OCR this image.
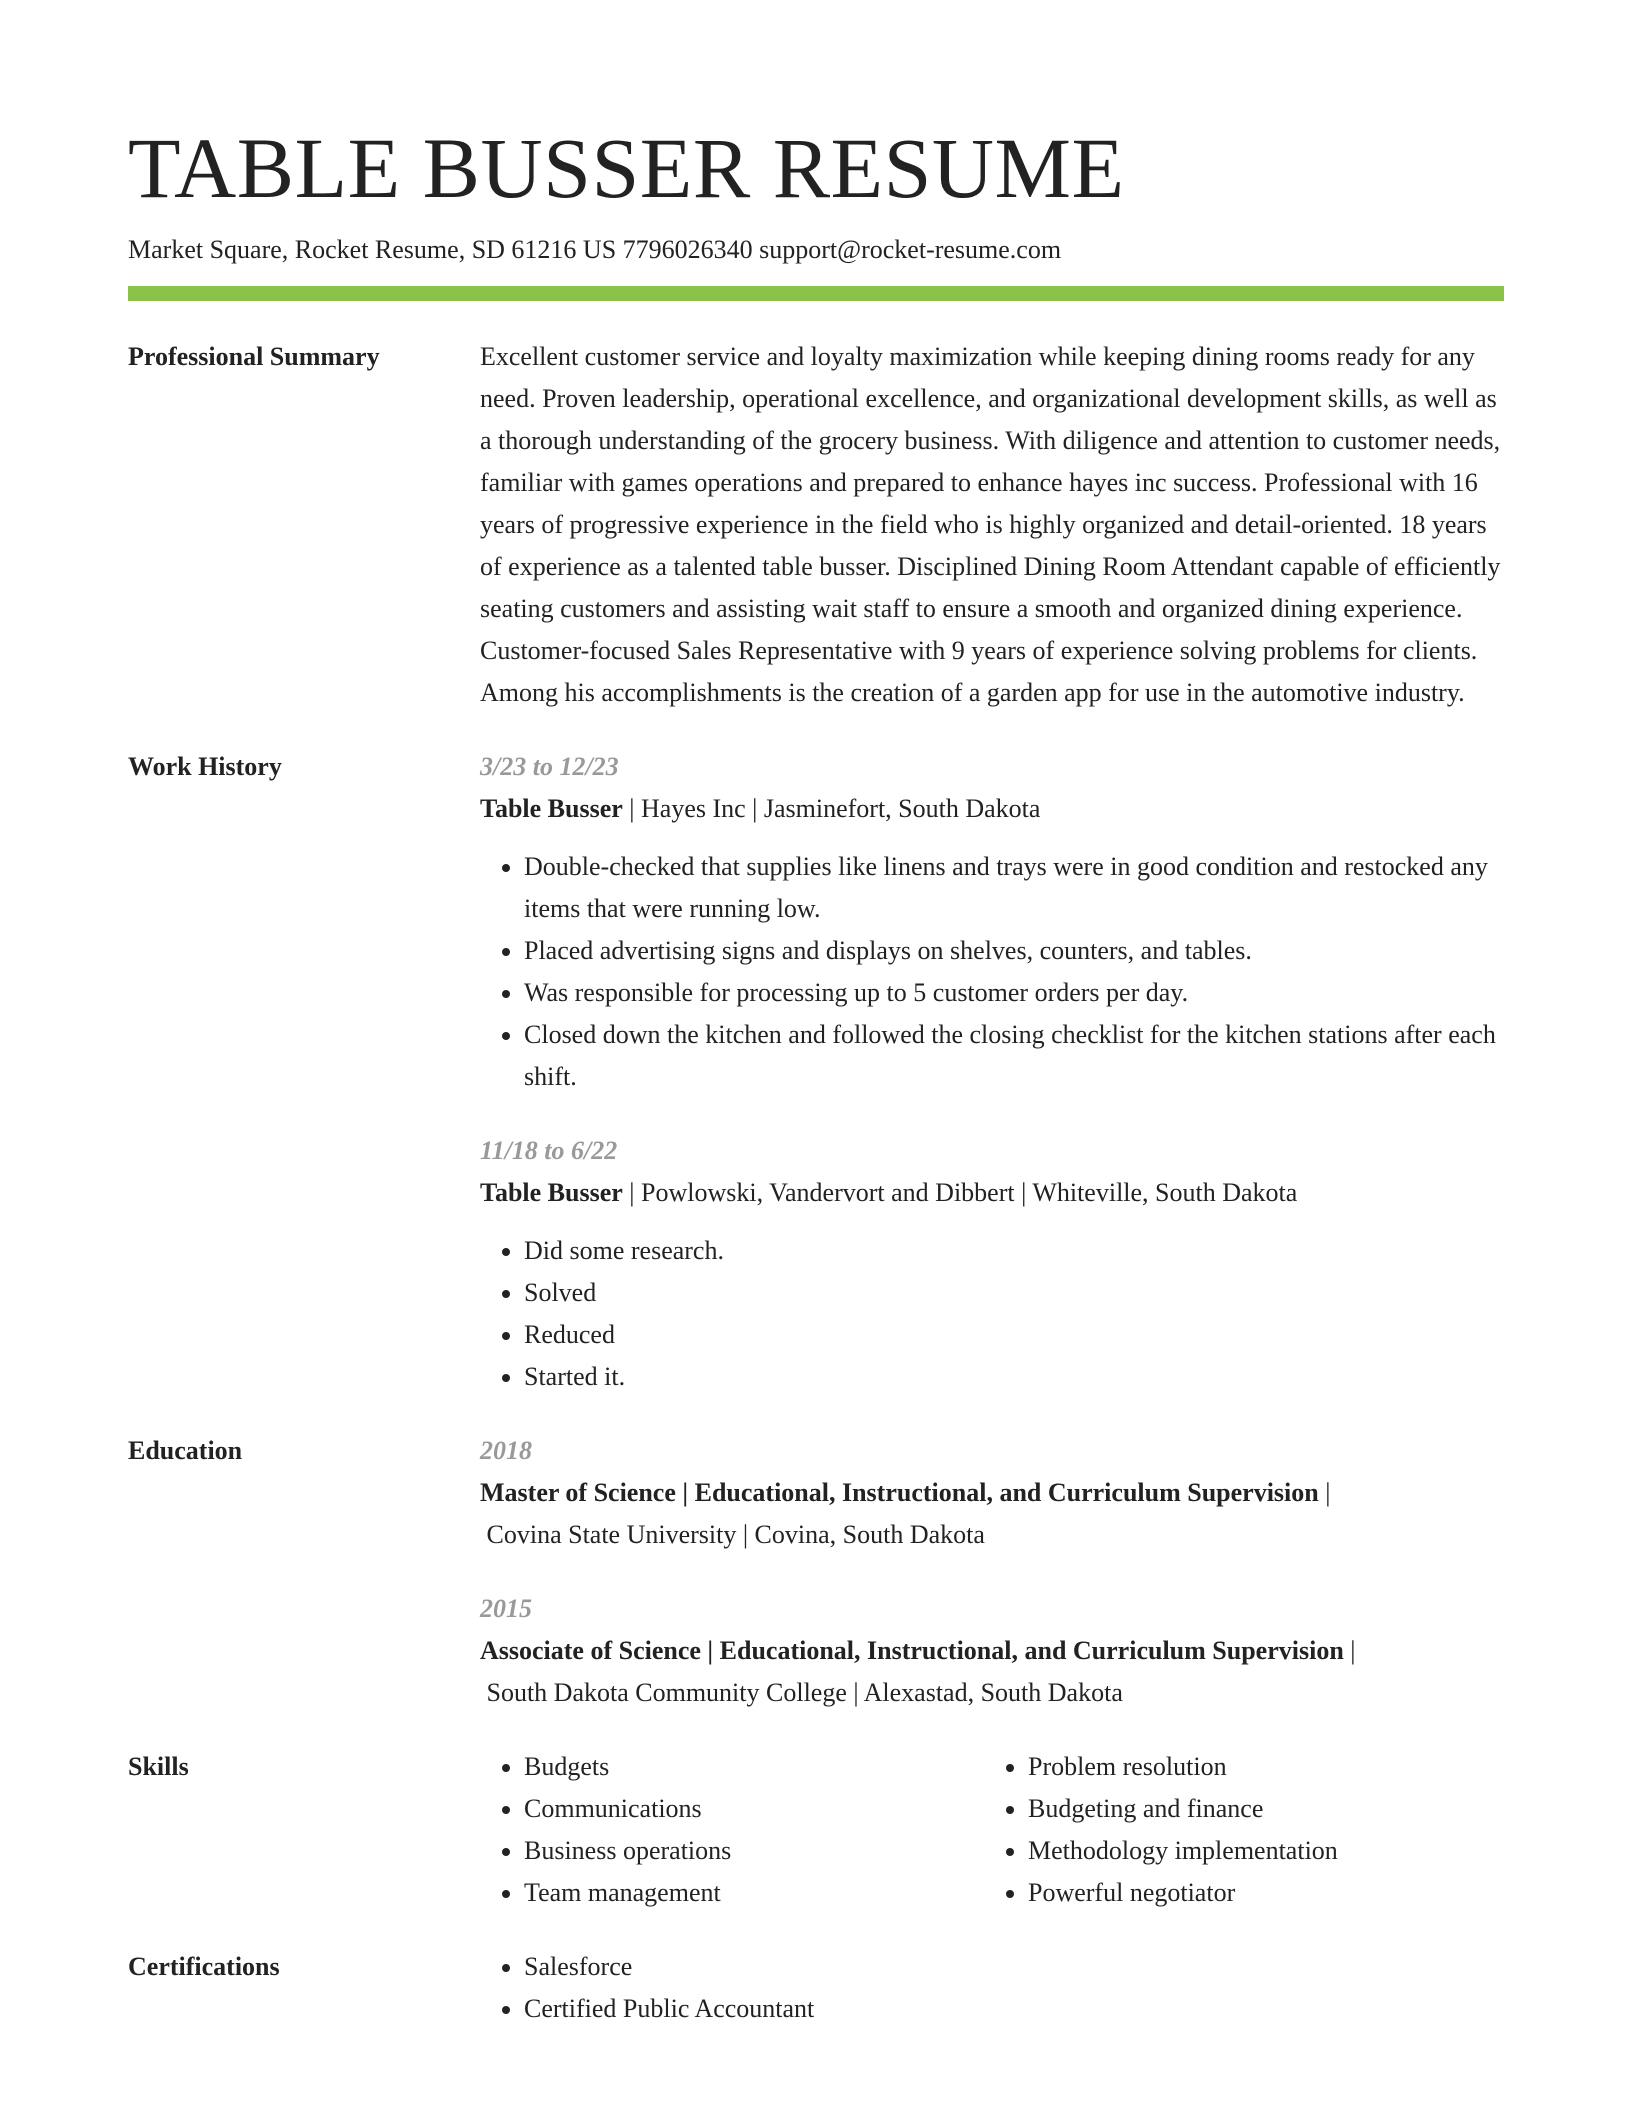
TABLE BUSSER RESUME
Market Square, Rocket Resume, SD 61216 US 7796026340 support@rocket-resume.com
Professional Summary	Excellent customer service and loyalty maximization while keeping dining rooms ready for any need. Proven leadership, operational excellence, and organizational development skills, as well as a thorough understanding of the grocery business. With diligence and attention to customer needs, familiar with games operations and prepared to enhance hayes inc success. Professional with 16 years of progressive experience in the field who is highly organized and detail-oriented. 18 years of experience as a talented table busser. Disciplined Dining Room Attendant capable of efficiently seating customers and assisting wait staff to ensure a smooth and organized dining experience. Customer-focused Sales Representative with 9 years of experience solving problems for clients. Among his accomplishments is the creation of a garden app for use in the automotive industry.

Work History	3/23 to 12/23
Table Busser | Hayes Inc | Jasminefort, South Dakota
• Double-checked that supplies like linens and trays were in good condition and restocked any items that were running low.
• Placed advertising signs and displays on shelves, counters, and tables.
• Was responsible for processing up to 5 customer orders per day.
• Closed down the kitchen and followed the closing checklist for the kitchen stations after each shift.
11/18 to 6/22
Table Busser | Powlowski, Vandervort and Dibbert | Whiteville, South Dakota
• Did some research.
• Solved
• Reduced
• Started it.
Education	2018
Master of Science | Educational, Instructional, and Curriculum Supervision |
Covina State University | Covina, South Dakota
2015
Associate of Science | Educational, Instructional, and Curriculum Supervision |
South Dakota Community College | Alexastad, South Dakota
Skills	• Budgets
• Communications
• Business operations
• Team management
• Problem resolution
• Budgeting and finance
• Methodology implementation
• Powerful negotiator
Certifications	• Salesforce
• Certified Public Accountant
